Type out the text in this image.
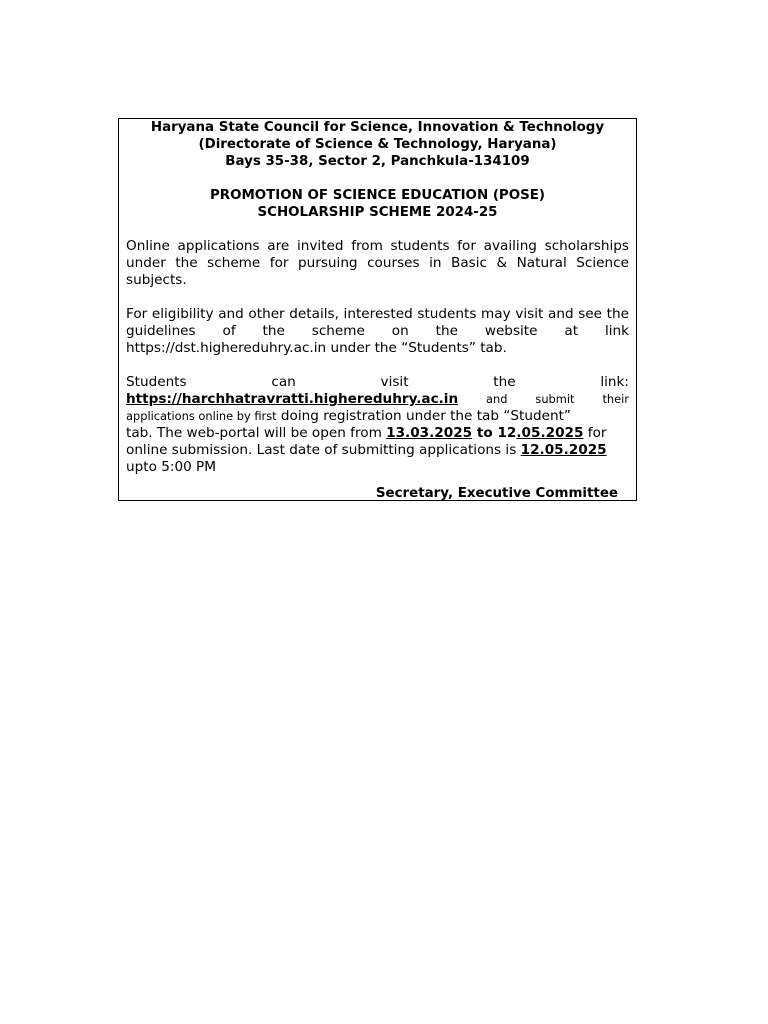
Haryana State Council for Science, Innovation & Technology
(Directorate of Science & Technology, Haryana)
Bays 35-38, Sector 2, Panchkula-134109
PROMOTION OF SCIENCE EDUCATION (POSE)
SCHOLARSHIP SCHEME 2024-25
Online applications are invited from students for availing scholarships under the scheme for pursuing courses in Basic & Natural Science subjects.
For eligibility and other details, interested students may visit and see the guidelines of the scheme on the website at link https://dst.highereduhry.ac.in under the “Students” tab.
Students	can	visit	the	link:
https://harchhatravratti.highereduhry.ac.in and submit their
applications online by first doing registration under the tab “Student”
tab. The web-portal will be open from 13.03.2025 to 12.05.2025 for
online submission. Last date of submitting applications is 12.05.2025
upto 5:00 PM
Secretary, Executive Committee
